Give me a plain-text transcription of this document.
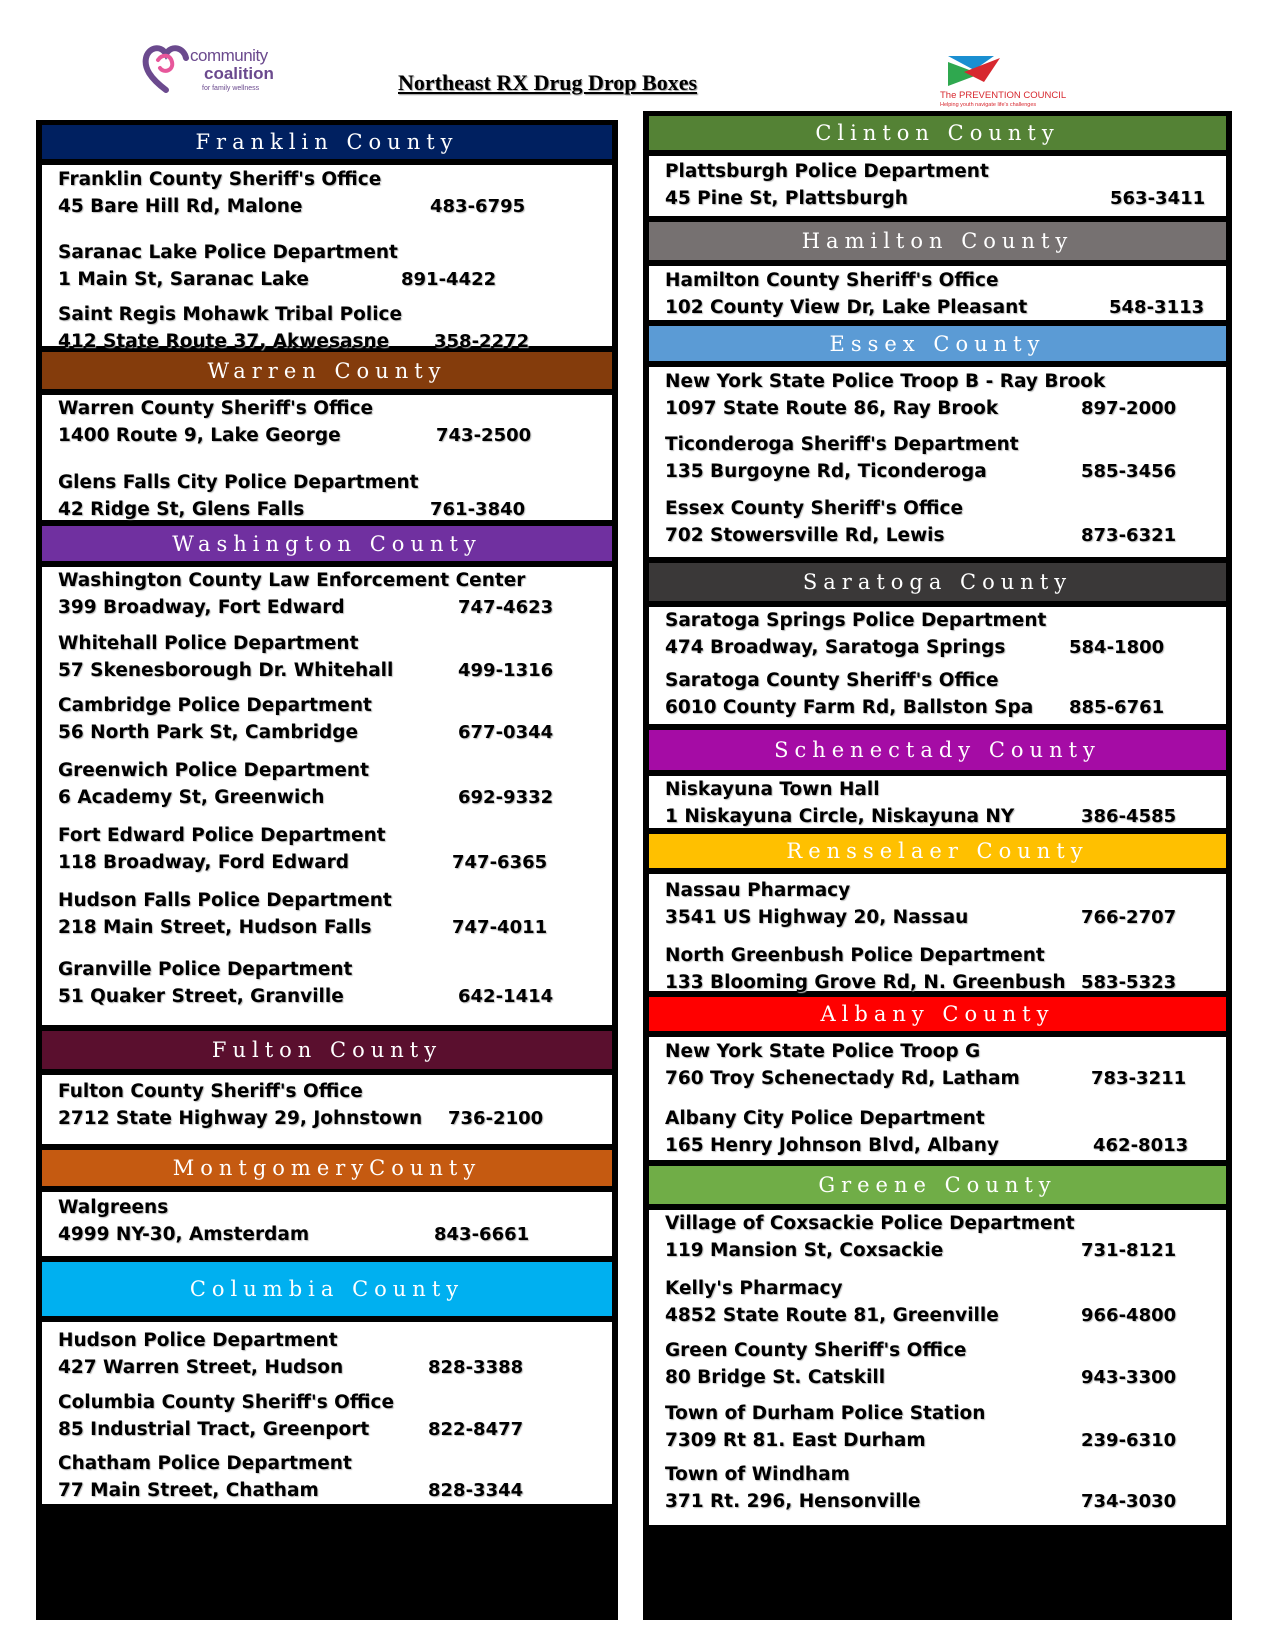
community
coalition
for family wellness	Northeast RX Drug Drop Boxes
The PREVENTION COUNCIL
Helping youth navigate life's challenges
Franklin County
Franklin County Sheriff's Office
45 Bare Hill Rd, Malone	483-6795
Saranac Lake Police Department
1 Main St, Saranac Lake	891-4422
Saint Regis Mohawk Tribal Police
412 State Route 37, Akwesasne	358-2272
Warren County
Warren County Sheriff's Office
1400 Route 9, Lake George	743-2500
Glens Falls City Police Department
42 Ridge St, Glens Falls	761-3840
Washington County
Washington County Law Enforcement Center
399 Broadway, Fort Edward	747-4623
Whitehall Police Department
57 Skenesborough Dr. Whitehall	499-1316
Cambridge Police Department
56 North Park St, Cambridge	677-0344
Greenwich Police Department
6 Academy St, Greenwich	692-9332
Fort Edward Police Department
118 Broadway, Ford Edward	747-6365
Hudson Falls Police Department
218 Main Street, Hudson Falls	747-4011
Granville Police Department
51 Quaker Street, Granville	642-1414
Fulton County
Fulton County Sheriff's Office
2712 State Highway 29, Johnstown	736-2100
MontgomeryCounty
Walgreens
4999 NY-30, Amsterdam	843-6661
Columbia County
Hudson Police Department
427 Warren Street, Hudson	828-3388
Columbia County Sheriff's Office
85 Industrial Tract, Greenport	822-8477
Chatham Police Department
77 Main Street, Chatham	828-3344
Clinton County
Plattsburgh Police Department
45 Pine St, Plattsburgh	563-3411
Hamilton County
Hamilton County Sheriff's Office
102 County View Dr, Lake Pleasant	548-3113
Essex County
New York State Police Troop B - Ray Brook
1097 State Route 86, Ray Brook	897-2000
Ticonderoga Sheriff's Department
135 Burgoyne Rd, Ticonderoga	585-3456
Essex County Sheriff's Office
702 Stowersville Rd, Lewis	873-6321
Saratoga County
Saratoga Springs Police Department
474 Broadway, Saratoga Springs	584-1800
Saratoga County Sheriff's Office
6010 County Farm Rd, Ballston Spa	885-6761
Schenectady County
Niskayuna Town Hall
1 Niskayuna Circle, Niskayuna NY	386-4585
Rensselaer County
Nassau Pharmacy
3541 US Highway 20, Nassau	766-2707
North Greenbush Police Department
133 Blooming Grove Rd, N. Greenbush 583-5323
Albany County
New York State Police Troop G
760 Troy Schenectady Rd, Latham	783-3211
Albany City Police Department
165 Henry Johnson Blvd, Albany	462-8013
Greene County
Village of Coxsackie Police Department
119 Mansion St, Coxsackie	731-8121
Kelly's Pharmacy
4852 State Route 81, Greenville	966-4800
Green County Sheriff's Office
80 Bridge St. Catskill	943-3300
Town of Durham Police Station
7309 Rt 81. East Durham	239-6310
Town of Windham
371 Rt. 296, Hensonville	734-3030
